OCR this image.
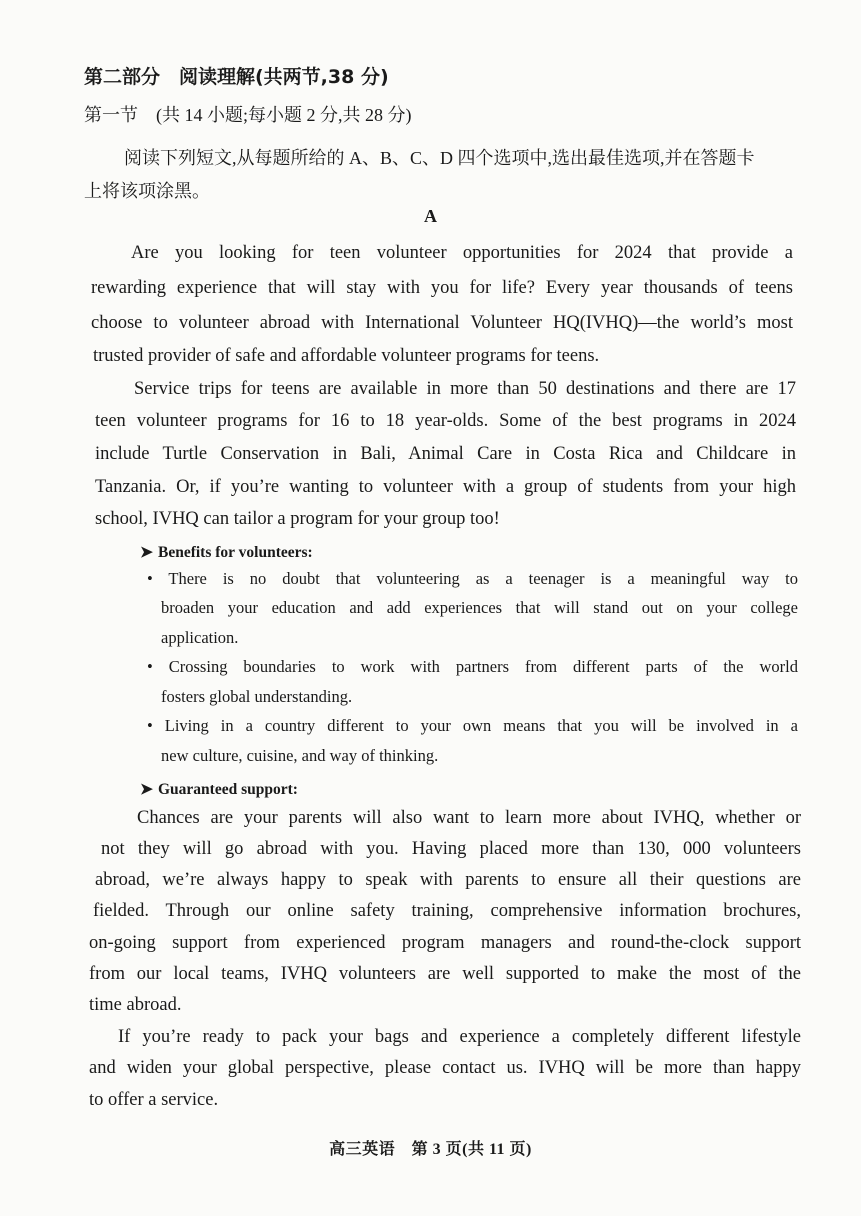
第二部分　阅读理解(共两节,38 分)
第一节　(共 14 小题;每小题 2 分,共 28 分)
阅读下列短文,从每题所给的 A、B、C、D 四个选项中,选出最佳选项,并在答题卡
上将该项涂黑。
A
Are you looking for teen volunteer opportunities for 2024 that provide a
rewarding experience that will stay with you for life? Every year thousands of teens
choose to volunteer abroad with International Volunteer HQ(IVHQ)—the world’s most
trusted provider of safe and affordable volunteer programs for teens.
Service trips for teens are available in more than 50 destinations and there are 17
teen volunteer programs for 16 to 18 year-olds. Some of the best programs in 2024
include Turtle Conservation in Bali, Animal Care in Costa Rica and Childcare in
Tanzania. Or, if you’re wanting to volunteer with a group of students from your high
school, IVHQ can tailor a program for your group too!
➤ Benefits for volunteers:
• There is no doubt that volunteering as a teenager is a meaningful way to
broaden your education and add experiences that will stand out on your college
application.
• Crossing boundaries to work with partners from different parts of the world
fosters global understanding.
• Living in a country different to your own means that you will be involved in a
new culture, cuisine, and way of thinking.
➤ Guaranteed support:
Chances are your parents will also want to learn more about IVHQ, whether or
not they will go abroad with you. Having placed more than 130, 000 volunteers
abroad, we’re always happy to speak with parents to ensure all their questions are
fielded. Through our online safety training, comprehensive information brochures,
on-going support from experienced program managers and round-the-clock support
from our local teams, IVHQ volunteers are well supported to make the most of the
time abroad.
If you’re ready to pack your bags and experience a completely different lifestyle
and widen your global perspective, please contact us. IVHQ will be more than happy
to offer a service.
高三英语　第 3 页(共 11 页)
